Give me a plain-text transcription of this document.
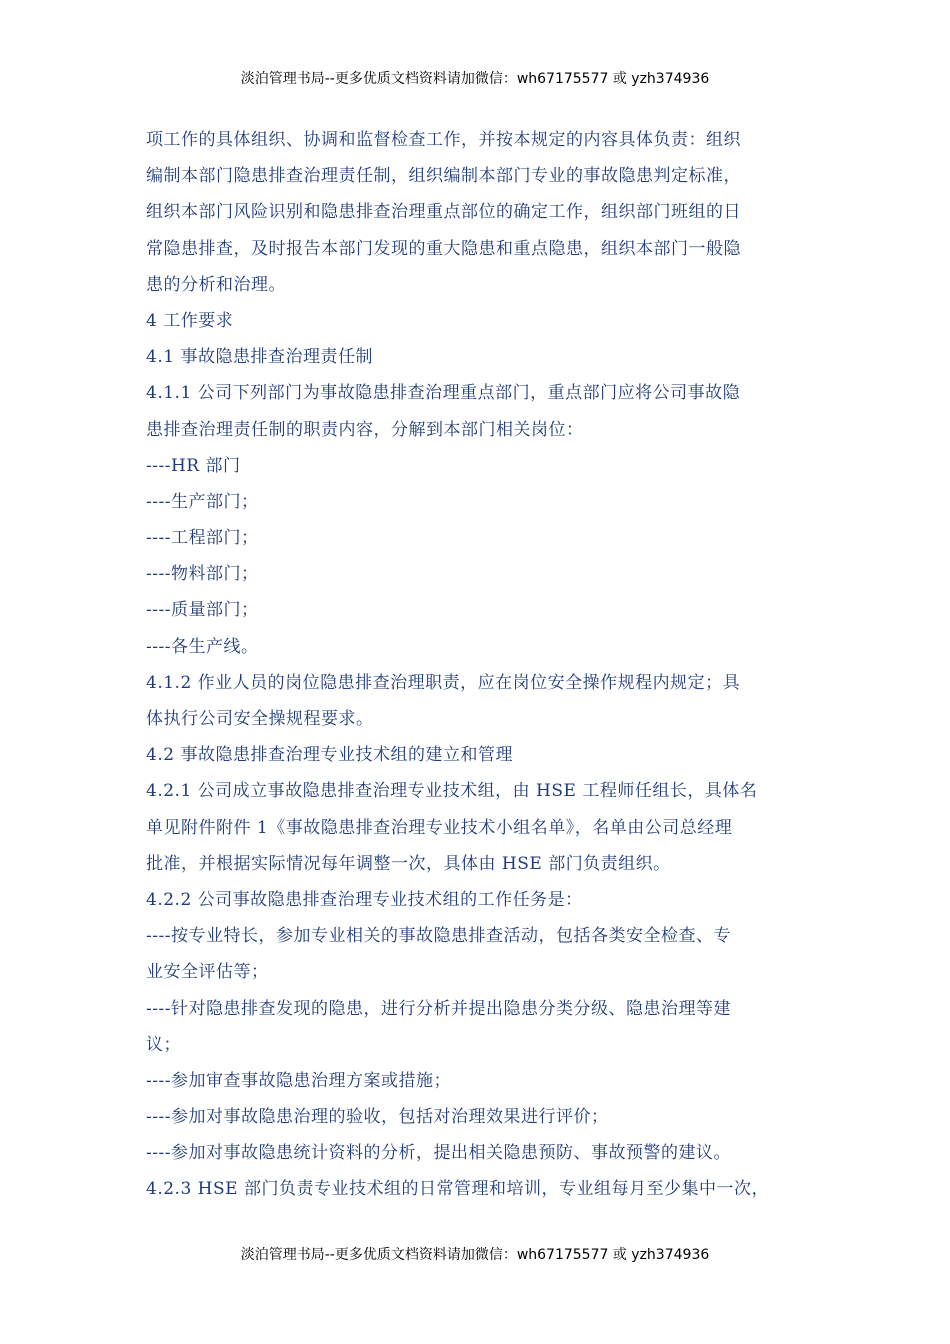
淡泊管理书局--更多优质文档资料请加微信：wh67175577 或 yzh374936
项工作的具体组织、协调和监督检查工作，并按本规定的内容具体负责：组织
编制本部门隐患排查治理责任制，组织编制本部门专业的事故隐患判定标准，
组织本部门风险识别和隐患排查治理重点部位的确定工作，组织部门班组的日
常隐患排查，及时报告本部门发现的重大隐患和重点隐患，组织本部门一般隐
患的分析和治理。
4 工作要求
4.1 事故隐患排查治理责任制
4.1.1 公司下列部门为事故隐患排查治理重点部门，重点部门应将公司事故隐
患排查治理责任制的职责内容，分解到本部门相关岗位：
----HR 部门
----生产部门；
----工程部门；
----物料部门；
----质量部门；
----各生产线。
4.1.2 作业人员的岗位隐患排查治理职责，应在岗位安全操作规程内规定；具
体执行公司安全操规程要求。
4.2 事故隐患排查治理专业技术组的建立和管理
4.2.1 公司成立事故隐患排查治理专业技术组，由 HSE 工程师任组长，具体名
单见附件附件 1《事故隐患排查治理专业技术小组名单》，名单由公司总经理
批准，并根据实际情况每年调整一次，具体由 HSE 部门负责组织。
4.2.2 公司事故隐患排查治理专业技术组的工作任务是：
----按专业特长，参加专业相关的事故隐患排查活动，包括各类安全检查、专
业安全评估等；
----针对隐患排查发现的隐患，进行分析并提出隐患分类分级、隐患治理等建
议；
----参加审查事故隐患治理方案或措施；
----参加对事故隐患治理的验收，包括对治理效果进行评价；
----参加对事故隐患统计资料的分析，提出相关隐患预防、事故预警的建议。
4.2.3 HSE 部门负责专业技术组的日常管理和培训，专业组每月至少集中一次，
淡泊管理书局--更多优质文档资料请加微信：wh67175577 或 yzh374936
